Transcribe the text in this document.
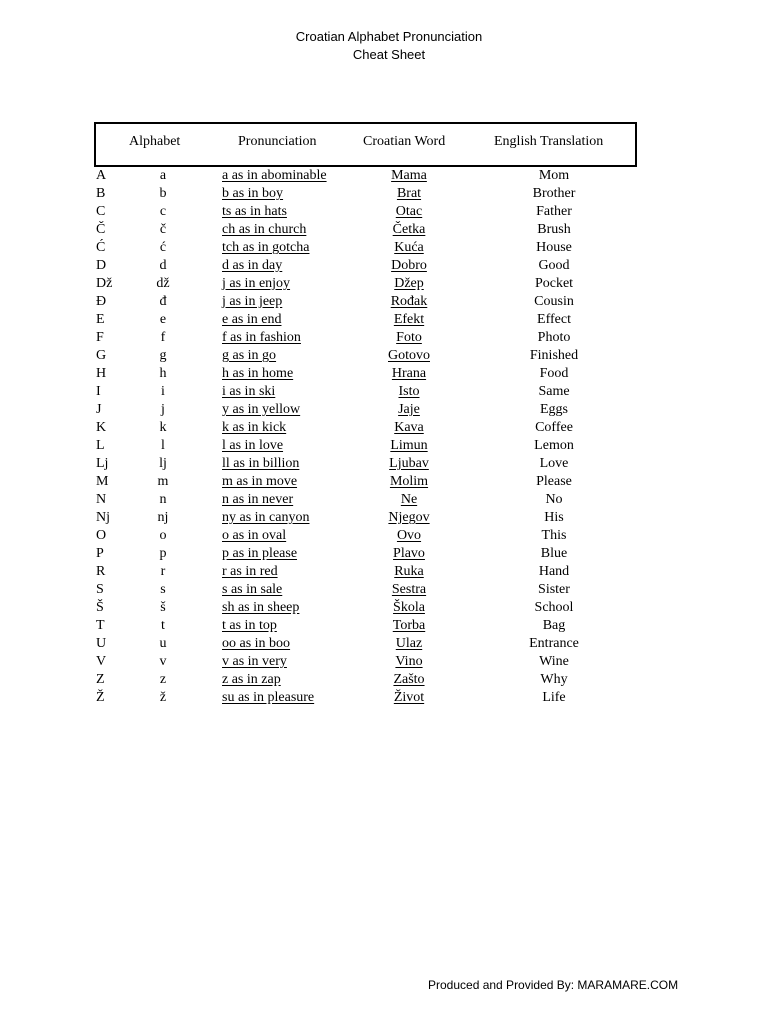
Croatian Alphabet Pronunciation
Cheat Sheet
Alphabet	Pronunciation	Croatian Word	English Translation
A	a	a as in abominable	Mama	Mom
B	b	b as in boy	Brat	Brother
C	c	ts as in hats	Otac	Father
Č	č	ch as in church	Četka	Brush
Ć	ć	tch as in gotcha	Kuća	House
D	d	d as in day	Dobro	Good
Dž	dž	j as in enjoy	Džep	Pocket
Đ	đ	j as in jeep	Rođak	Cousin
E	e	e as in end	Efekt	Effect
F	f	f as in fashion	Foto	Photo
G	g	g as in go	Gotovo	Finished
H	h	h as in home	Hrana	Food
I	i	i as in ski	Isto	Same
J	j	y as in yellow	Jaje	Eggs
K	k	k as in kick	Kava	Coffee
L	l	l as in love	Limun	Lemon
Lj	lj	ll as in billion	Ljubav	Love
M	m	m as in move	Molim	Please
N	n	n as in never	Ne	No
Nj	nj	ny as in canyon	Njegov	His
O	o	o as in oval	Ovo	This
P	p	p as in please	Plavo	Blue
R	r	r as in red	Ruka	Hand
S	s	s as in sale	Sestra	Sister
Š	š	sh as in sheep	Škola	School
T	t	t as in top	Torba	Bag
U	u	oo as in boo	Ulaz	Entrance
V	v	v as in very	Vino	Wine
Z	z	z as in zap	Zašto	Why
Ž	ž	su as in pleasure	Život	Life
Produced and Provided By: MARAMARE.COM
